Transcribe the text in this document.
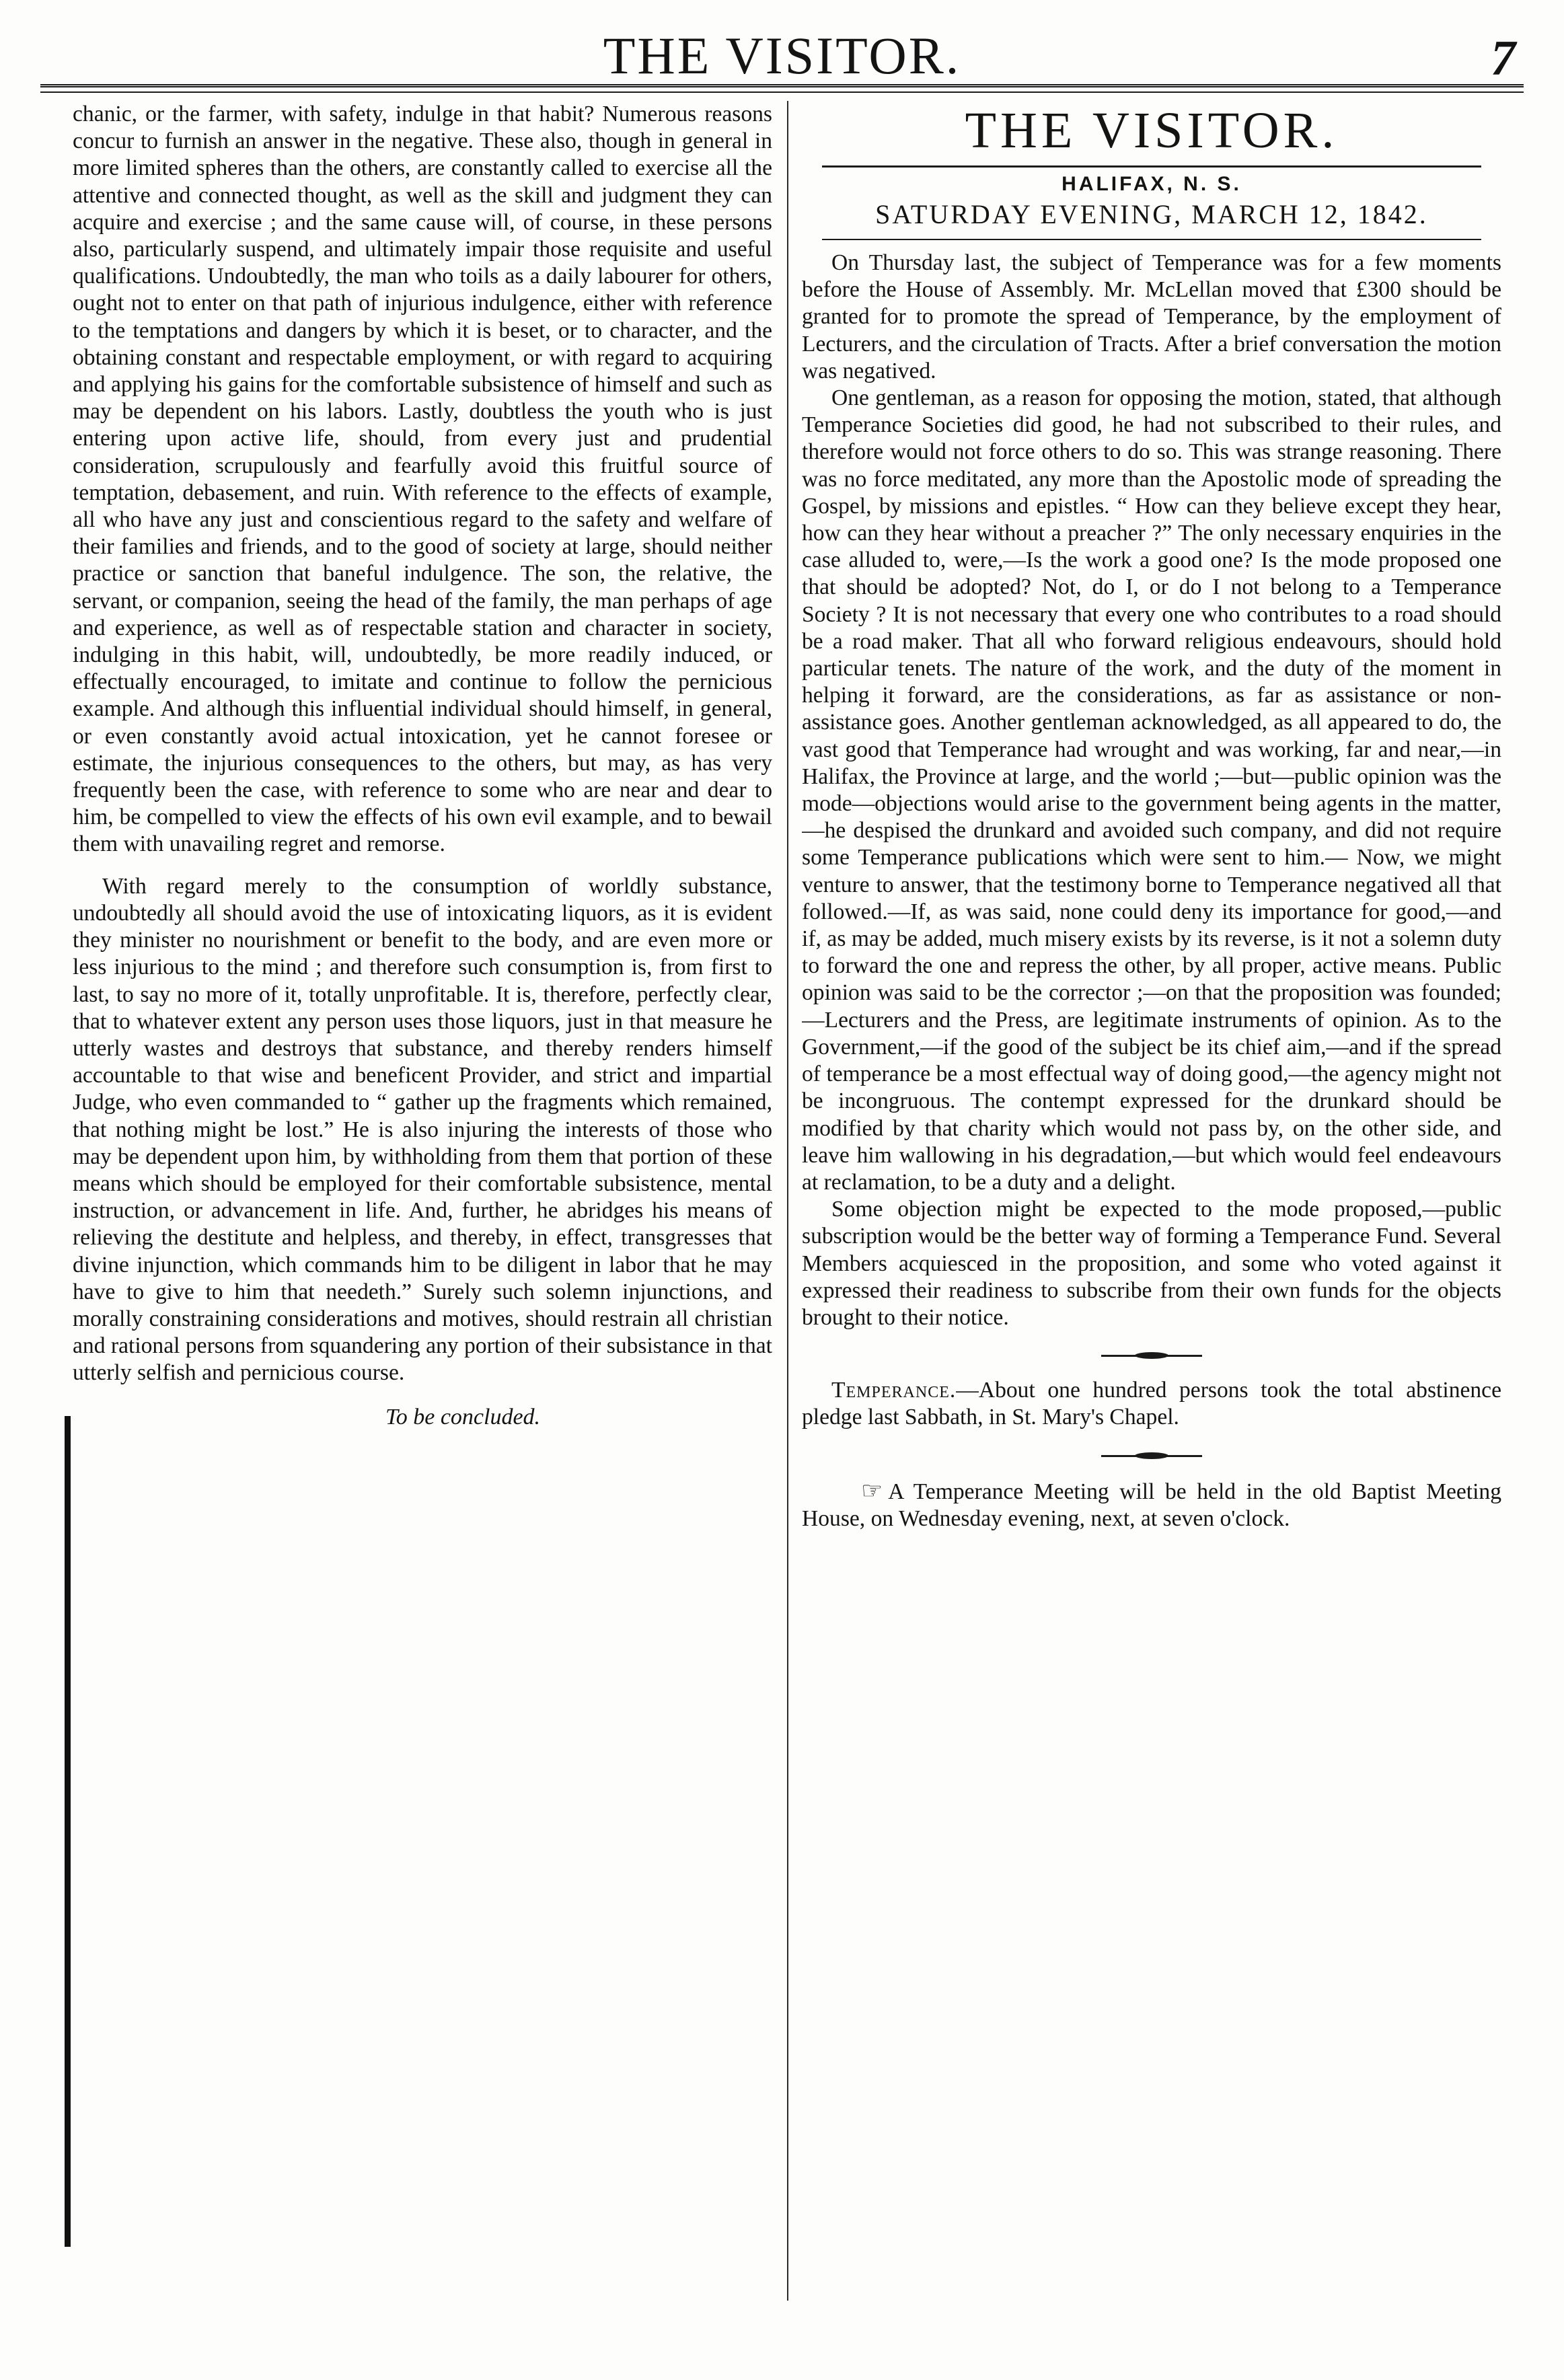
THE VISITOR.	7

chanic, or the farmer, with safety, indulge in that habit? Numerous reasons concur to furnish an answer in the negative. These also, though in general in more limited spheres than the others, are constantly called to exercise all the attentive and connected thought, as well as the skill and judgment they can acquire and exercise ; and the same cause will, of course, in these persons also, particularly suspend, and ultimately impair those requisite and useful qualifications. Undoubtedly, the man who toils as a daily labourer for others, ought not to enter on that path of injurious indulgence, either with reference to the temptations and dangers by which it is beset, or to character, and the obtaining constant and respectable employment, or with regard to acquiring and applying his gains for the comfortable subsistence of himself and such as may be dependent on his labors. Lastly, doubtless the youth who is just entering upon active life, should, from every just and prudential consideration, scrupulously and fearfully avoid this fruitful source of temptation, debasement, and ruin. With reference to the effects of example, all who have any just and conscientious regard to the safety and welfare of their families and friends, and to the good of society at large, should neither practice or sanction that baneful indulgence. The son, the relative, the servant, or companion, seeing the head of the family, the man perhaps of age and experience, as well as of respectable station and character in society, indulging in this habit, will, undoubtedly, be more readily induced, or effectually encouraged, to imitate and continue to follow the pernicious example. And although this influential individual should himself, in general, or even constantly avoid actual intoxication, yet he cannot foresee or estimate, the injurious consequences to the others, but may, as has very frequently been the case, with reference to some who are near and dear to him, be compelled to view the effects of his own evil example, and to bewail them with unavailing regret and remorse.

With regard merely to the consumption of worldly substance, undoubtedly all should avoid the use of intoxicating liquors, as it is evident they minister no nourishment or benefit to the body, and are even more or less injurious to the mind ; and therefore such consumption is, from first to last, to say no more of it, totally unprofitable. It is, therefore, perfectly clear, that to whatever extent any person uses those liquors, just in that measure he utterly wastes and destroys that substance, and thereby renders himself accountable to that wise and beneficent Provider, and strict and impartial Judge, who even commanded to “ gather up the fragments which remained, that nothing might be lost.” He is also injuring the interests of those who may be dependent upon him, by withholding from them that portion of these means which should be employed for their comfortable subsistence, mental instruction, or advancement in life. And, further, he abridges his means of relieving the destitute and helpless, and thereby, in effect, transgresses that divine injunction, which commands him to be diligent in labor that he may have to give to him that needeth.” Surely such solemn injunctions, and morally constraining considerations and motives, should restrain all christian and rational persons from squandering any portion of their subsistance in that utterly selfish and pernicious course.

To be concluded.
THE VISITOR.
HALIFAX, N. S.
SATURDAY EVENING, MARCH 12, 1842.

On Thursday last, the subject of Temperance was for a few moments before the House of Assembly. Mr. McLellan moved that £300 should be granted for to promote the spread of Temperance, by the employment of Lecturers, and the circulation of Tracts. After a brief conversation the motion was negatived.

One gentleman, as a reason for opposing the motion, stated, that although Temperance Societies did good, he had not subscribed to their rules, and therefore would not force others to do so. This was strange reasoning. There was no force meditated, any more than the Apostolic mode of spreading the Gospel, by missions and epistles. “ How can they believe except they hear, how can they hear without a preacher ?” The only necessary enquiries in the case alluded to, were,—Is the work a good one? Is the mode proposed one that should be adopted? Not, do I, or do I not belong to a Temperance Society ? It is not necessary that every one who contributes to a road should be a road maker. That all who forward religious endeavours, should hold particular tenets. The nature of the work, and the duty of the moment in helping it forward, are the considerations, as far as assistance or non-assistance goes. Another gentleman acknowledged, as all appeared to do, the vast good that Temperance had wrought and was working, far and near,—in Halifax, the Province at large, and the world ;—but—public opinion was the mode—objections would arise to the government being agents in the matter,—he despised the drunkard and avoided such company, and did not require some Temperance publications which were sent to him.— Now, we might venture to answer, that the testimony borne to Temperance negatived all that followed.—If, as was said, none could deny its importance for good,—and if, as may be added, much misery exists by its reverse, is it not a solemn duty to forward the one and repress the other, by all proper, active means. Public opinion was said to be the corrector ;—on that the proposition was founded;—Lecturers and the Press, are legitimate instruments of opinion. As to the Government,—if the good of the subject be its chief aim,—and if the spread of temperance be a most effectual way of doing good,—the agency might not be incongruous. The contempt expressed for the drunkard should be modified by that charity which would not pass by, on the other side, and leave him wallowing in his degradation,—but which would feel endeavours at reclamation, to be a duty and a delight.

Some objection might be expected to the mode proposed,—public subscription would be the better way of forming a Temperance Fund. Several Members acquiesced in the proposition, and some who voted against it expressed their readiness to subscribe from their own funds for the objects brought to their notice.

Temperance.—About one hundred persons took the total abstinence pledge last Sabbath, in St. Mary's Chapel.

☞ A Temperance Meeting will be held in the old Baptist Meeting House, on Wednesday evening, next, at seven o'clock.
